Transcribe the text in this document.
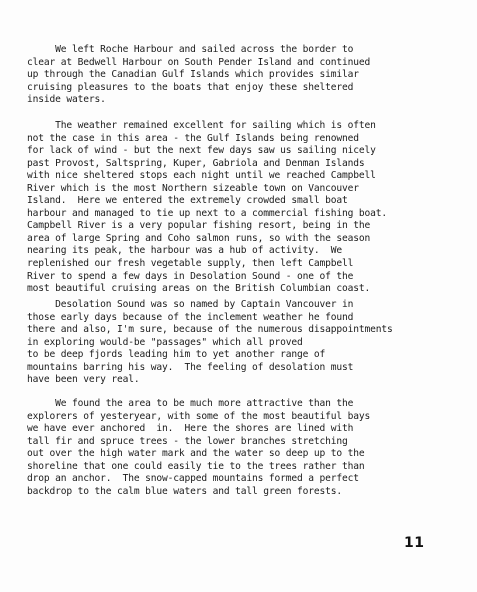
We left Roche Harbour and sailed across the border to
clear at Bedwell Harbour on South Pender Island and continued
up through the Canadian Gulf Islands which provides similar
cruising pleasures to the boats that enjoy these sheltered
inside waters.
The weather remained excellent for sailing which is often
not the case in this area - the Gulf Islands being renowned
for lack of wind - but the next few days saw us sailing nicely
past Provost, Saltspring, Kuper, Gabriola and Denman Islands
with nice sheltered stops each night until we reached Campbell
River which is the most Northern sizeable town on Vancouver
Island.  Here we entered the extremely crowded small boat
harbour and managed to tie up next to a commercial fishing boat.
Campbell River is a very popular fishing resort, being in the
area of large Spring and Coho salmon runs, so with the season
nearing its peak, the harbour was a hub of activity.  We
replenished our fresh vegetable supply, then left Campbell
River to spend a few days in Desolation Sound - one of the
most beautiful cruising areas on the British Columbian coast.
Desolation Sound was so named by Captain Vancouver in
those early days because of the inclement weather he found
there and also, I'm sure, because of the numerous disappointments
in exploring would-be "passages" which all proved
to be deep fjords leading him to yet another range of
mountains barring his way.  The feeling of desolation must
have been very real.
We found the area to be much more attractive than the
explorers of yesteryear, with some of the most beautiful bays
we have ever anchored  in.  Here the shores are lined with
tall fir and spruce trees - the lower branches stretching
out over the high water mark and the water so deep up to the
shoreline that one could easily tie to the trees rather than
drop an anchor.  The snow-capped mountains formed a perfect
backdrop to the calm blue waters and tall green forests.
11
